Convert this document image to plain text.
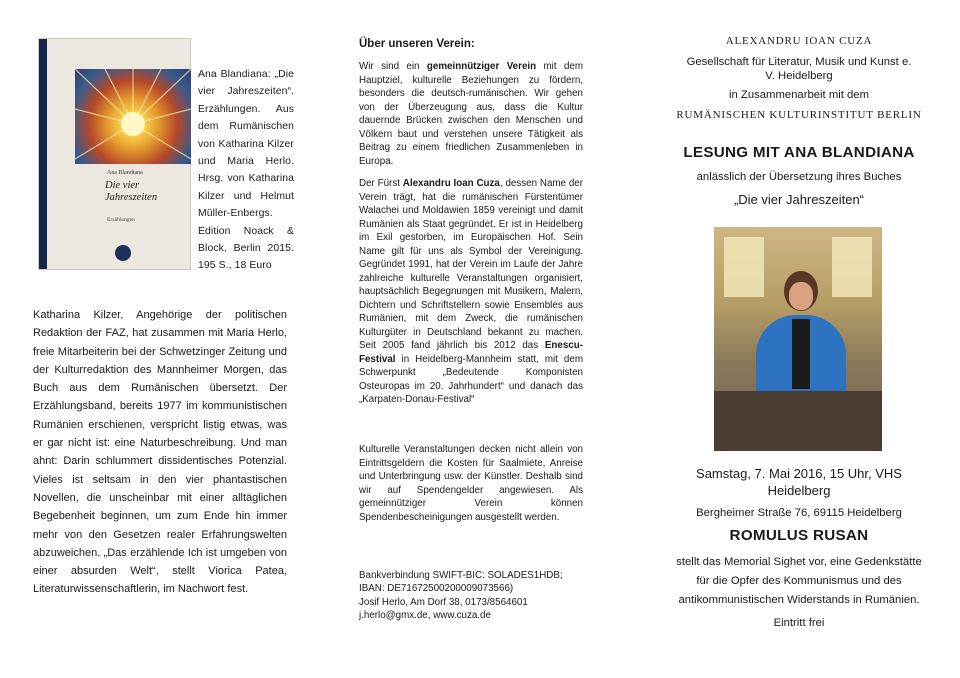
Ana Blandiana
Die vier Jahreszeiten
Erzählungen
Ana Blandiana: „Die vier Jahreszeiten“. Erzählungen. Aus dem Rumänischen von Katharina Kilzer und Maria Herlo. Hrsg. von Katharina Kilzer und Helmut Müller-Enbergs. Edition Noack & Block, Berlin 2015. 195 S., 18 Euro
Katharina Kilzer, Angehörige der politischen Redaktion der FAZ, hat zusammen mit Maria Herlo, freie Mitarbeiterin bei der Schwetzinger Zeitung und der Kulturredaktion des Mannheimer Morgen, das Buch aus dem Rumänischen übersetzt. Der Erzählungsband, bereits 1977 im kommunistischen Rumänien erschienen, verspricht listig etwas, was er gar nicht ist: eine Naturbeschreibung. Und man ahnt: Darin schlummert dissidentisches Potenzial. Vieles ist seltsam in den vier phantastischen Novellen, die unscheinbar mit einer alltäglichen Begebenheit beginnen, um zum Ende hin immer mehr von den Gesetzen realer Erfahrungswelten abzuweichen. „Das erzählende Ich ist umgeben von einer absurden Welt“, stellt Viorica Patea, Literaturwissenschaftlerin, im Nachwort fest.
Über unseren Verein:
Wir sind ein gemeinnütziger Verein mit dem Hauptziel, kulturelle Beziehungen zu fördern, besonders die deutsch-rumänischen. Wir gehen von der Überzeugung aus, dass die Kultur dauernde Brücken zwischen den Menschen und Völkern baut und verstehen unsere Tätigkeit als Beitrag zu einem friedlichen Zusammenleben in Europa.
Der Fürst Alexandru Ioan Cuza, dessen Name der Verein trägt, hat die rumänischen Fürstentümer Walachei und Moldawien 1859 vereinigt und damit Rumänien als Staat gegründet. Er ist in Heidelberg im Exil gestorben, im Europäischen Hof. Sein Name gilt für uns als Symbol der Vereinigung. Gegründet 1991, hat der Verein im Laufe der Jahre zahlreiche kulturelle Veranstaltungen organisiert, hauptsächlich Begegnungen mit Musikern, Malern, Dichtern und Schriftstellern sowie Ensembles aus Rumänien, mit dem Zweck, die rumänischen Kulturgüter in Deutschland bekannt zu machen. Seit 2005 fand jährlich bis 2012 das Enescu-Festival in Heidelberg-Mannheim statt, mit dem Schwerpunkt „Bedeutende Komponisten Osteuropas im 20. Jahrhundert“ und danach das „Karpaten-Donau-Festival“
Kulturelle Veranstaltungen decken nicht allein von Eintrittsgeldern die Kosten für Saalmiete, Anreise und Unterbringung usw. der Künstler. Deshalb sind wir auf Spendengelder angewiesen. Als gemeinnütziger Verein können Spendenbescheinigungen ausgestellt werden.
Bankverbindung SWIFT-BIC: SOLADES1HDB;
IBAN: DE71672500200009073566)
Josif Herlo, Am Dorf 38, 0173/8564601
j.herlo@gmx.de, www.cuza.de
ALEXANDRU IOAN CUZA
Gesellschaft für Literatur, Musik und Kunst e. V. Heidelberg
in Zusammenarbeit mit dem
RUMÄNISCHEN KULTURINSTITUT BERLIN
LESUNG MIT ANA BLANDIANA
anlässlich der Übersetzung ihres Buches
„Die vier Jahreszeiten“
Samstag, 7. Mai 2016, 15 Uhr, VHS Heidelberg
Bergheimer Straße 76, 69115 Heidelberg
ROMULUS RUSAN
stellt das Memorial Sighet vor, eine Gedenkstätte für die Opfer des Kommunismus und des antikommunistischen Widerstands in Rumänien.
Eintritt frei
